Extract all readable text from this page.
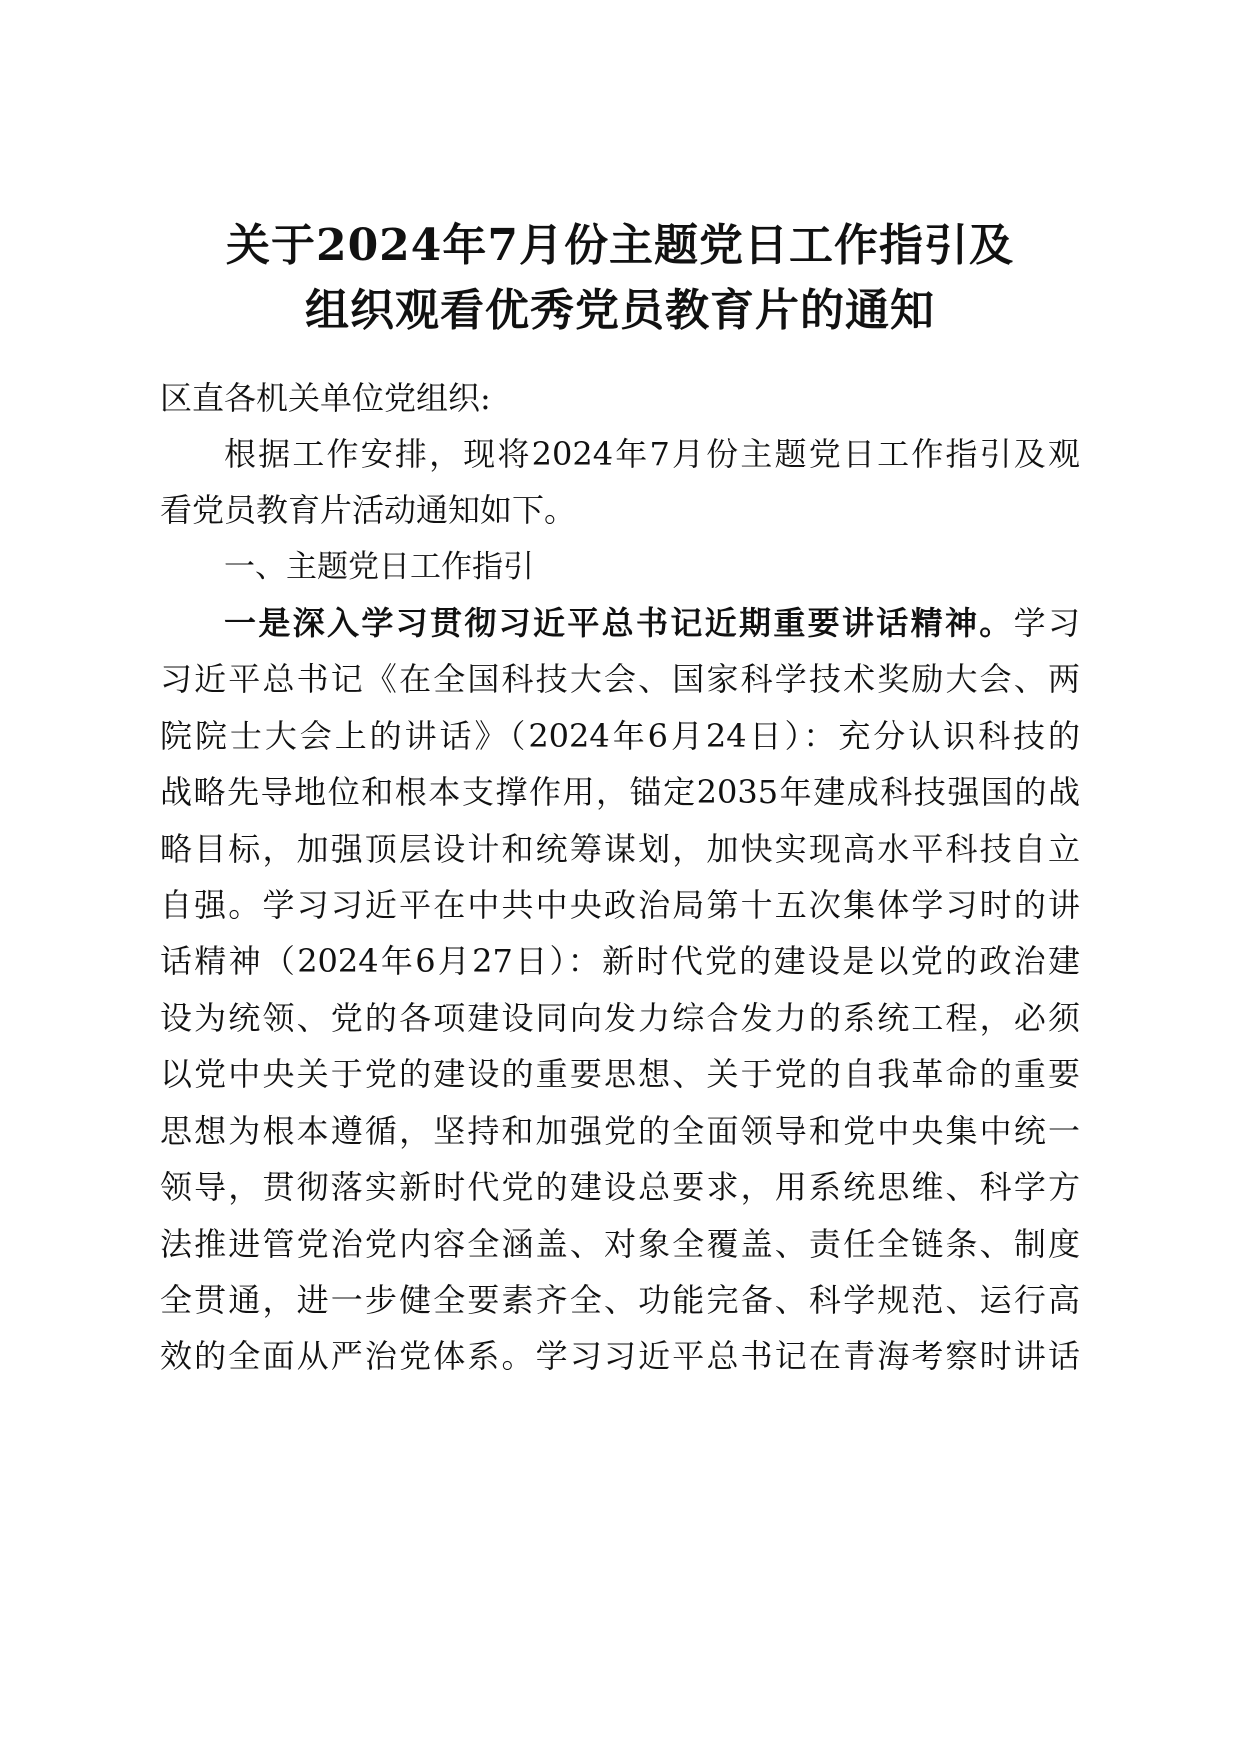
关于2024年7月份主题党日工作指引及
组织观看优秀党员教育片的通知
区直各机关单位党组织:
根据工作安排，现将2024年7月份主题党日工作指引及观
看党员教育片活动通知如下。
一、主题党日工作指引
一是深入学习贯彻习近平总书记近期重要讲话精神。学习
习近平总书记《在全国科技大会、国家科学技术奖励大会、两
院院士大会上的讲话》（2024年6月24日）：充分认识科技的
战略先导地位和根本支撑作用，锚定2035年建成科技强国的战
略目标，加强顶层设计和统筹谋划，加快实现高水平科技自立
自强。学习习近平在中共中央政治局第十五次集体学习时的讲
话精神（2024年6月27日）：新时代党的建设是以党的政治建
设为统领、党的各项建设同向发力综合发力的系统工程，必须
以党中央关于党的建设的重要思想、关于党的自我革命的重要
思想为根本遵循，坚持和加强党的全面领导和党中央集中统一
领导，贯彻落实新时代党的建设总要求，用系统思维、科学方
法推进管党治党内容全涵盖、对象全覆盖、责任全链条、制度
全贯通，进一步健全要素齐全、功能完备、科学规范、运行高
效的全面从严治党体系。学习习近平总书记在青海考察时讲话
